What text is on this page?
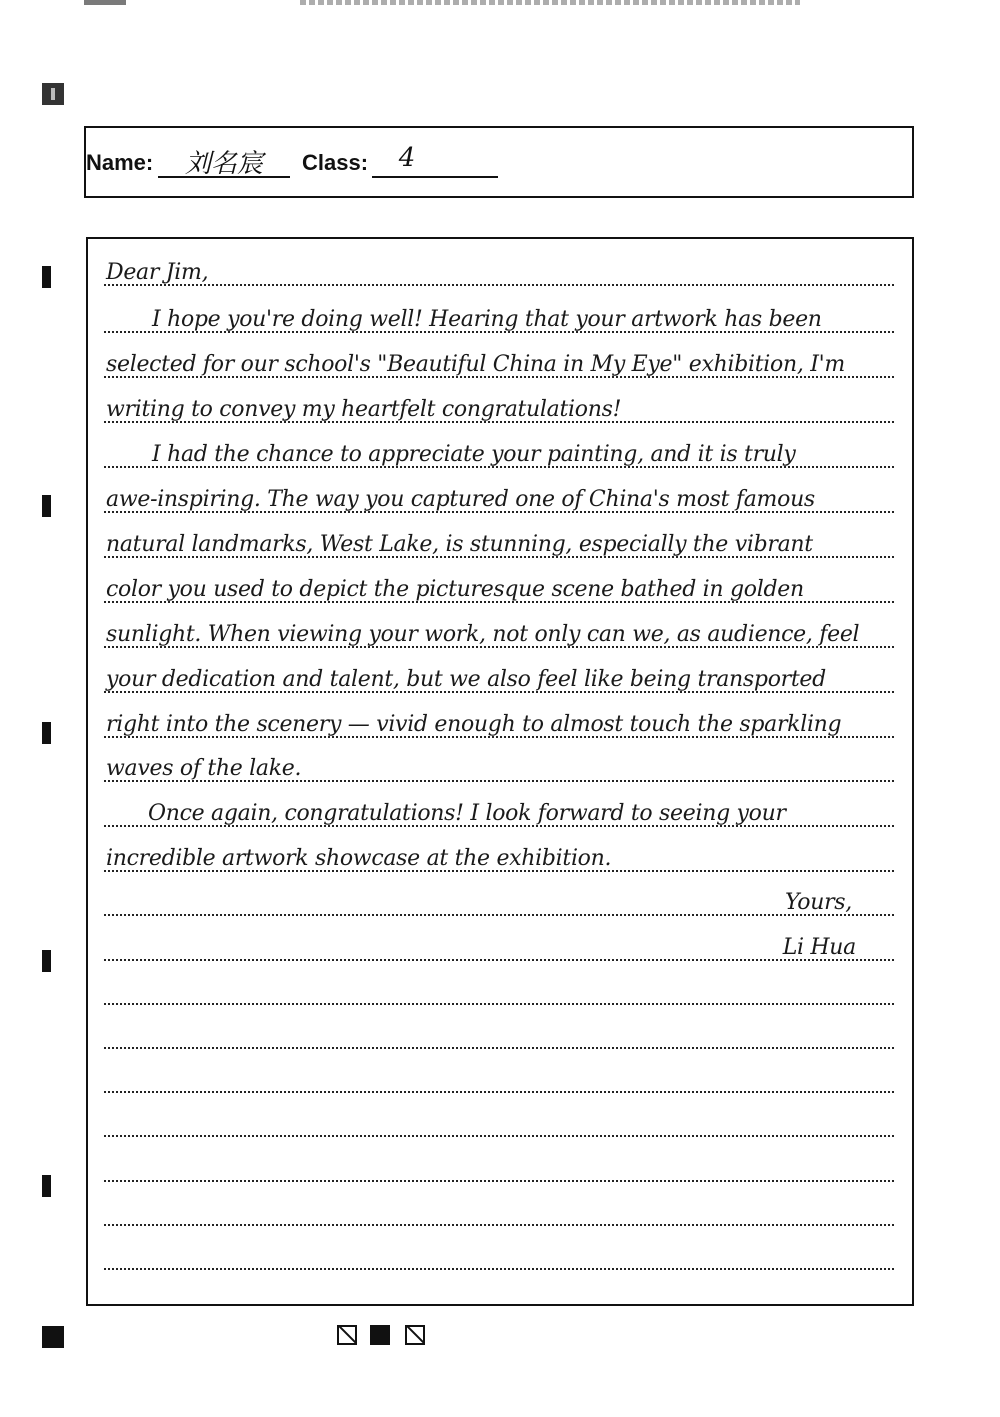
Name:	刘名宸	Class:	4
Dear Jim,
I hope you're doing well! Hearing that your artwork has been
selected for our school's "Beautiful China in My Eye" exhibition, I'm
writing to convey my heartfelt congratulations!
I had the chance to appreciate your painting, and it is truly
awe-inspiring. The way you captured one of China's most famous
natural landmarks, West Lake, is stunning, especially the vibrant
color you used to depict the picturesque scene bathed in golden
sunlight. When viewing your work, not only can we, as audience, feel
your dedication and talent, but we also feel like being transported
right into the scenery — vivid enough to almost touch the sparkling
waves of the lake.
Once again, congratulations! I look forward to seeing your
incredible artwork showcase at the exhibition.
Yours,
Li Hua
